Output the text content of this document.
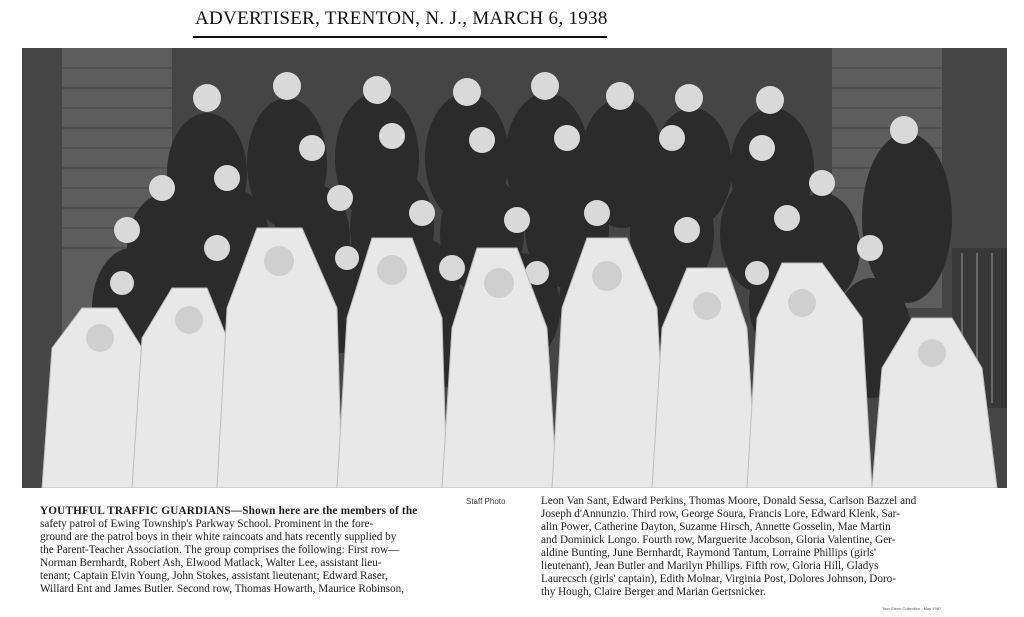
ADVERTISER, TRENTON, N. J., MARCH 6, 1938
Staff Photo
YOUTHFUL TRAFFIC GUARDIANS—Shown here are the members of the
safety patrol of Ewing Township's Parkway School. Prominent in the fore-
ground are the patrol boys in their white raincoats and hats recently supplied by
the Parent-Teacher Association. The group comprises the following: First row—
Norman Bernhardt, Robert Ash, Elwood Matlack, Walter Lee, assistant lieu-
tenant; Captain Elvin Young, John Stokes, assistant lieutenant; Edward Raser,
Willard Ent and James Butler. Second row, Thomas Howarth, Maurice Robinson,
Leon Van Sant, Edward Perkins, Thomas Moore, Donald Sessa, Carlson Bazzel and
Joseph d'Annunzio. Third row, George Soura, Francis Lore, Edward Klenk, Sar-
alin Power, Catherine Dayton, Suzanne Hirsch, Annette Gosselin, Mae Martin
and Dominick Longo. Fourth row, Marguerite Jacobson, Gloria Valentine, Ger-
aldine Bunting, June Bernhardt, Raymond Tantum, Lorraine Phillips (girls'
lieutenant), Jean Butler and Marilyn Phillips. Fifth row, Gloria Hill, Gladys
Laurecsch (girls' captain), Edith Molnar, Virginia Post, Dolores Johnson, Doro-
thy Hough, Claire Berger and Marian Gertsnicker.
Tom Glenn Collection - May 1987
